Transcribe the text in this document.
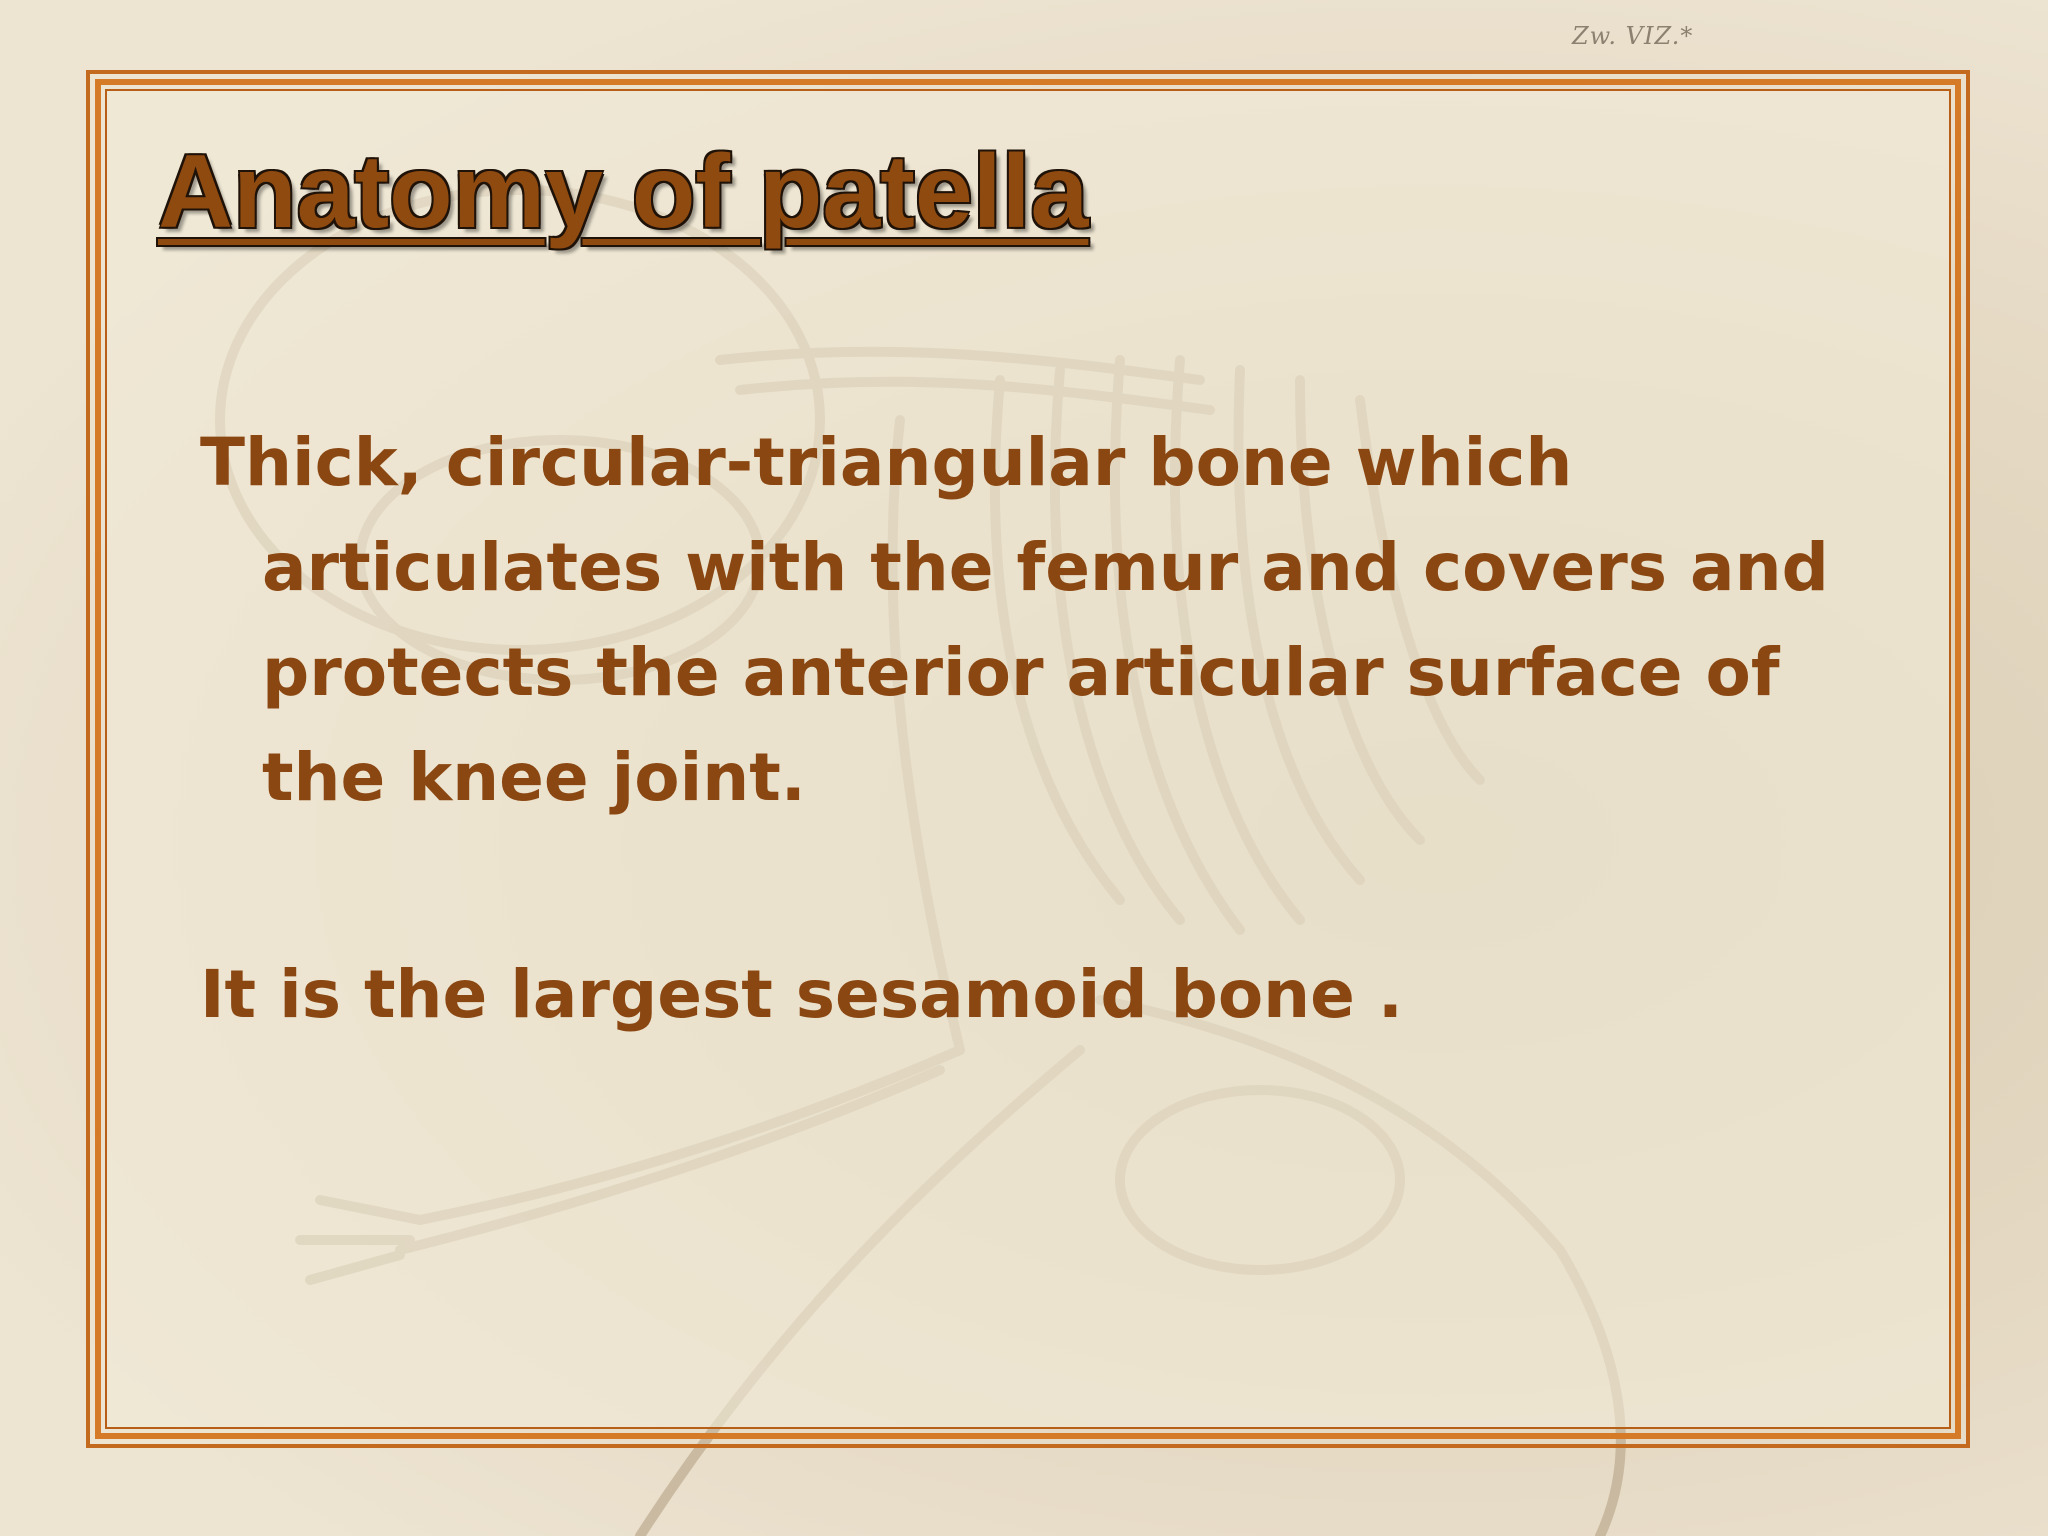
Zw. VIZ.*
Anatomy of patella

Thick, circular-triangular bone which articulates with the femur and covers and protects the anterior articular surface of the knee joint.

It is the largest sesamoid bone .
